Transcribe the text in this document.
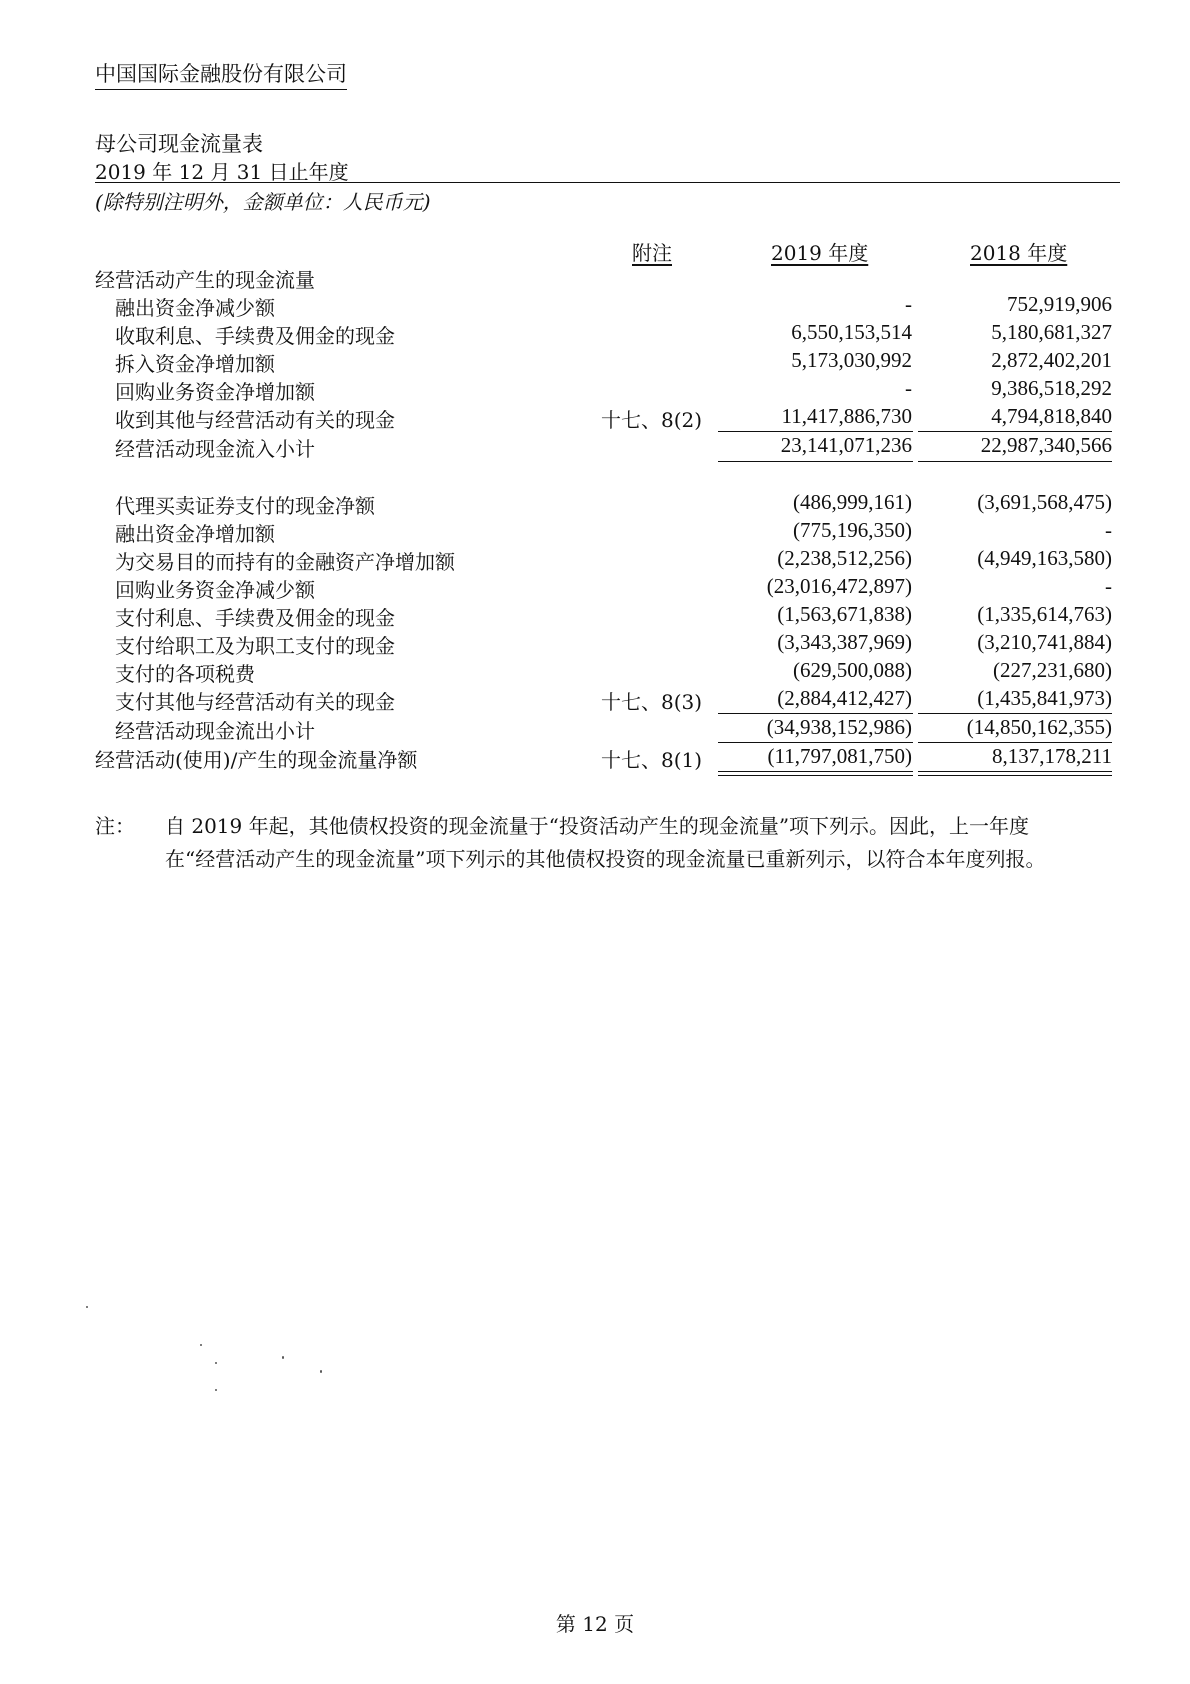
中国国际金融股份有限公司
母公司现金流量表
2019 年 12 月 31 日止年度
(除特别注明外，金额单位：人民币元)
附注	2019 年度	2018 年度
经营活动产生的现金流量
融出资金净减少额	-	752,919,906
收取利息、手续费及佣金的现金	6,550,153,514	5,180,681,327
拆入资金净增加额	5,173,030,992	2,872,402,201
回购业务资金净增加额	-	9,386,518,292
收到其他与经营活动有关的现金	十七、8(2)	11,417,886,730	4,794,818,840
经营活动现金流入小计	23,141,071,236	22,987,340,566
代理买卖证券支付的现金净额	(486,999,161)	(3,691,568,475)
融出资金净增加额	(775,196,350)	-
为交易目的而持有的金融资产净增加额	(2,238,512,256)	(4,949,163,580)
回购业务资金净减少额	(23,016,472,897)	-
支付利息、手续费及佣金的现金	(1,563,671,838)	(1,335,614,763)
支付给职工及为职工支付的现金	(3,343,387,969)	(3,210,741,884)
支付的各项税费	(629,500,088)	(227,231,680)
支付其他与经营活动有关的现金	十七、8(3)	(2,884,412,427)	(1,435,841,973)
经营活动现金流出小计	(34,938,152,986)	(14,850,162,355)
经营活动(使用)/产生的现金流量净额	十七、8(1)	(11,797,081,750)	8,137,178,211
注： 自 2019 年起，其他债权投资的现金流量于“投资活动产生的现金流量”项下列示。因此，上一年度
在“经营活动产生的现金流量”项下列示的其他债权投资的现金流量已重新列示，以符合本年度列报。
第 12 页
